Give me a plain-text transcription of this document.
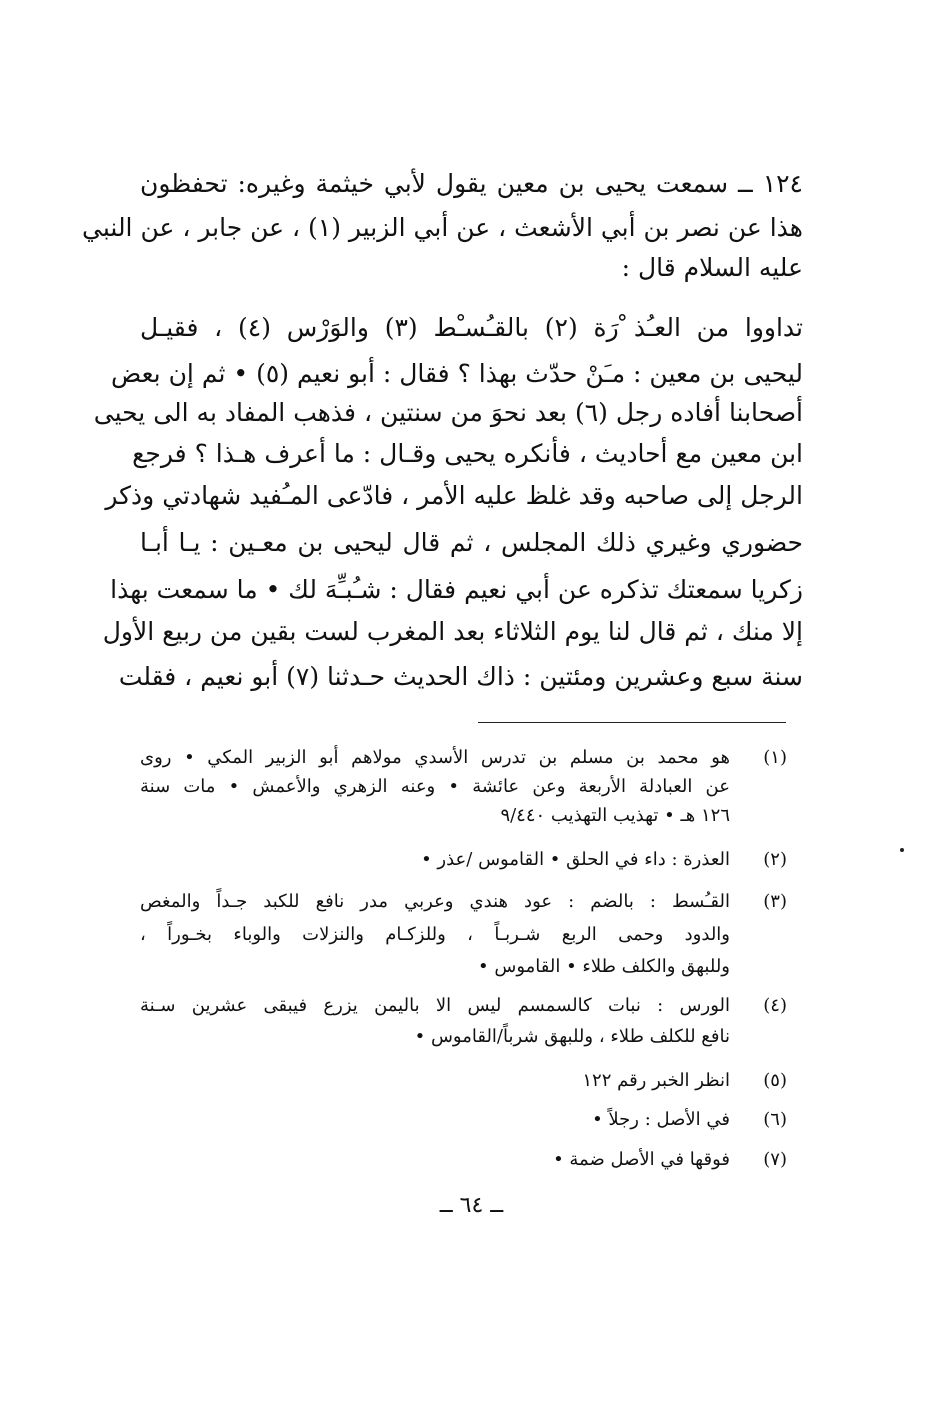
١٢٤ ــ سمعت يحيى بن معين يقول لأبي خيثمة وغيره: تحفظون
هذا عن نصر بن أبي الأشعث ، عن أبي الزبير (١) ، عن جابر ، عن النبي
عليه السلام قال :
تداووا من العـُذ ْرَة (٢) بالقـُسـْط (٣) والوَرْس (٤) ، فقيـل
ليحيى بن معين : مـَنْ حدّث بهذا ؟ فقال : أبو نعيم (٥) • ثم إن بعض
أصحابنا أفاده رجل (٦) بعد نحوَ من سنتين ، فذهب المفاد به الى يحيى
ابن معين مع أحاديث ، فأنكره يحيى وقـال : ما أعرف هـذا ؟ فرجع
الرجل إلى صاحبه وقد غلظ عليه الأمر ، فادّعى المـُفيد شهادتي وذكر
حضوري وغيري ذلك المجلس ، ثم قال ليحيى بن معـين : يـا أبـا
زكريا سمعتك تذكره عن أبي نعيم فقال : شـُبـِّهَ لك • ما سمعت بهذا
إلا منك ، ثم قال لنا يوم الثلاثاء بعد المغرب لست بقين من ربيع الأول
سنة سبع وعشرين ومئتين : ذاك الحديث حـدثنا (٧) أبو نعيم ، فقلت
(١)
هو محمد بن مسلم بن تدرس الأسدي مولاهم أبو الزبير المكي • روى
عن العبادلة الأربعة وعن عائشة • وعنه الزهري والأعمش • مات سنة
١٢٦ هـ • تهذيب التهذيب ٩/٤٤٠
(٢)
العذرة : داء في الحلق • القاموس /عذر •
(٣)
القـُسط : بالضم : عود هندي وعربي مدر نافع للكبد جـداً والمغص
والدود وحمى الربع شـربـاً ، وللزكـام والنزلات والوباء بخـوراً ،
وللبهق والكلف طلاء • القاموس •
(٤)
الورس : نبات كالسمسم ليس الا باليمن يزرع فيبقى عشرين سـنة
نافع للكلف طلاء ، وللبهق شرباً/القاموس •
(٥)
انظر الخبر رقم ١٢٢
(٦)
في الأصل : رجلاً •
(٧)
فوقها في الأصل ضمة •
ــ ٦٤ ــ
